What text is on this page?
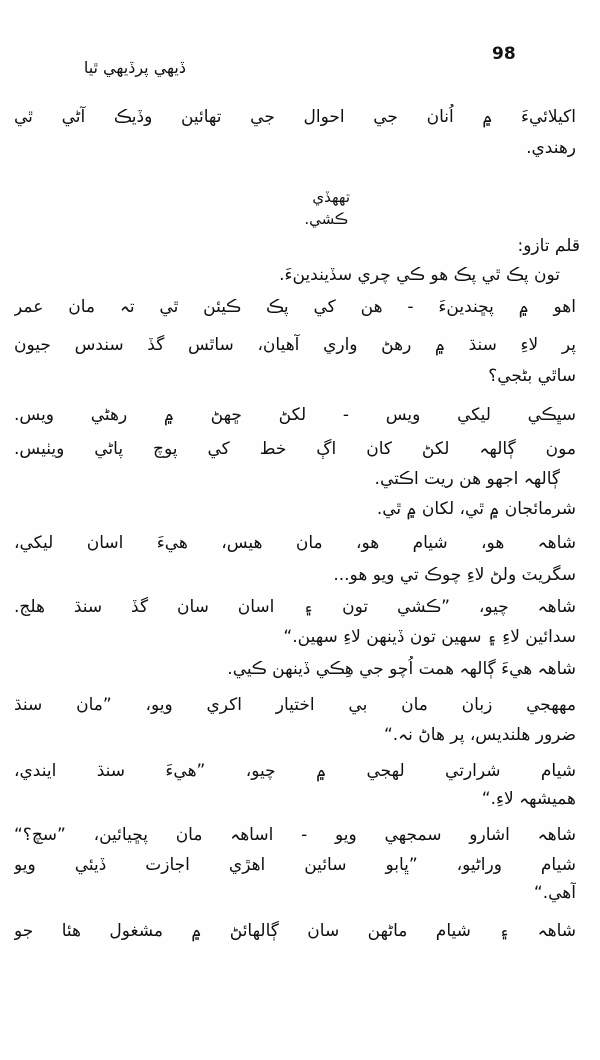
98
ڏيھي پرڏيھي ٿيا
اکيلائيءَ ۾ اُنان جي احوال جي تھائين وڏيڪ آڻي ٿي
رھندي.
تھھڏي
ڪشي.
قلم تازو:
تون پڪ ٿي پڪ ھو ڪي چري سڏيندينءَ.
اھو ۾ پڇندينءَ - ھن کي پڪ ڪيئن ٿي تہ مان عمر
پر لاءِ سنڌ ۾ رھڻ واري آھيان، ساٿس گڏ سندس جيون
ساٿي بڻجي؟
سڀڪي ليکي ويس - لکڻ ڇھڻ ۾ رھڻي ويس.
مون ڳالھہ لکڻ کان اڳ خط کي پوچ پاڻي ويٺيس.
ڳالھہ اجھو ھن ريت اڪتي.
شرمائجان ۾ ٿي، لکان ۾ ٿي.
شاھہ ھو، شيام ھو، مان ھيس، ھيءَ اسان ليکي،
سگريٽ ولڻ لاءِ چوڪ تي ويو ھو...
شاھہ چيو، ”ڪشي تون ۽ اسان سان گڏ سنڌ ھلج.
سدائين لاءِ ۽ سھين تون ڏينھن لاءِ سھين.“
شاھہ ھيءَ ڳالھہ ھمت اُچو جي ھِڪي ڏينھن ڪيي.
مھھجي زبان مان بي اختيار اکري ويو، ”مان سنڌ
ضرور ھلنديس، پر ھاڻ نہ.“
شيام شرارتي لھجي ۾ چيو، ”ھيءَ سنڌ ايندي،
ھميشھہ لاءِ.“
شاھہ اشارو سمجھي ويو - اساھہ مان پڇيائين، ”سچ؟“
شيام وراڻيو، ”ڀابو سائين اھڙي اجازت ڏيئي ويو
آھي.“
شاھہ ۽ شيام ماڻھن سان ڳالھائڻ ۾ مشغول ھئا جو
